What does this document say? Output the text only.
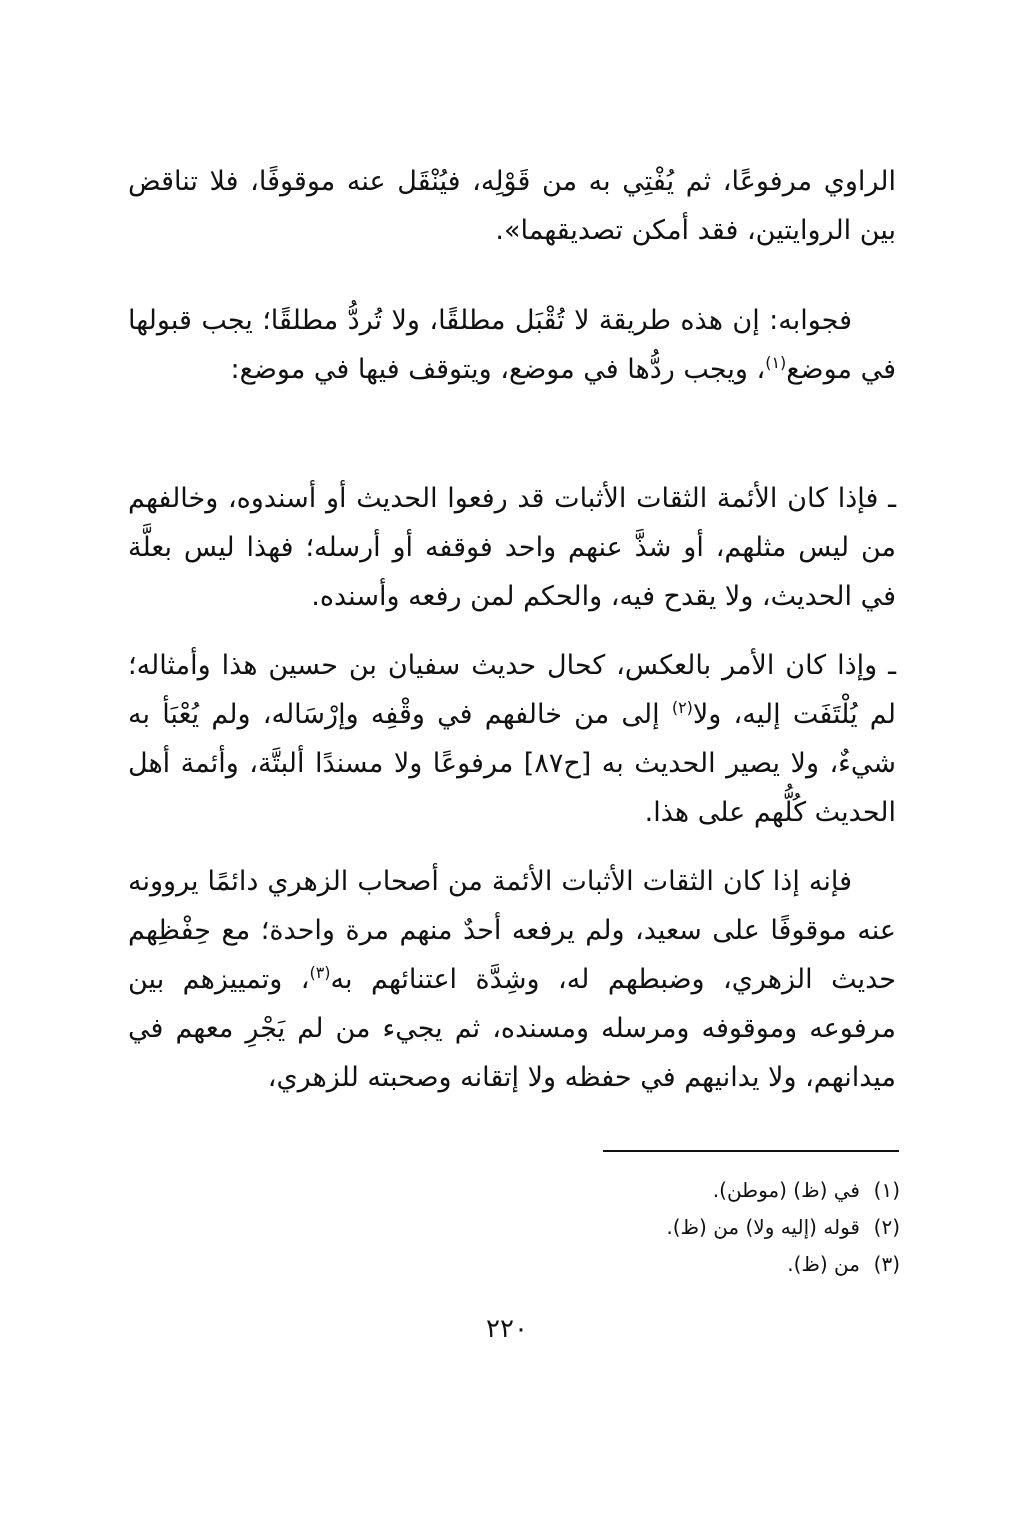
الراوي مرفوعًا، ثم يُفْتِي به من قَوْلِه، فيُنْقَل عنه موقوفًا، فلا تناقض بين الروايتين، فقد أمكن تصديقهما».

فجوابه: إن هذه طريقة لا تُقْبَل مطلقًا، ولا تُردُّ مطلقًا؛ يجب قبولها في موضع$^{(١)}$، ويجب ردُّها في موضع، ويتوقف فيها في موضع:

ـ فإذا كان الأئمة الثقات الأثبات قد رفعوا الحديث أو أسندوه، وخالفهم من ليس مثلهم، أو شذَّ عنهم واحد فوقفه أو أرسله؛ فهذا ليس بعلَّة في الحديث، ولا يقدح فيه، والحكم لمن رفعه وأسنده.

ـ وإذا كان الأمر بالعكس، كحال حديث سفيان بن حسين هذا وأمثاله؛ لم يُلْتَفَت إليه، ولا$^{(٢)}$ إلى من خالفهم في وقْفِه وإرْسَاله، ولم يُعْبَأ به شيءٌ، ولا يصير الحديث به [ح٨٧] مرفوعًا ولا مسندًا ألبتَّة، وأئمة أهل الحديث كُلُّهم على هذا.

فإنه إذا كان الثقات الأثبات الأئمة من أصحاب الزهري دائمًا يروونه عنه موقوفًا على سعيد، ولم يرفعه أحدٌ منهم مرة واحدة؛ مع حِفْظِهم حديث الزهري، وضبطهم له، وشِدَّة اعتنائهم به$^{(٣)}$، وتمييزهم بين مرفوعه وموقوفه ومرسله ومسنده، ثم يجيء من لم يَجْرِ معهم في ميدانهم، ولا يدانيهم في حفظه ولا إتقانه وصحبته للزهري،

(١)في (ظ) (موطن).
(٢)قوله (إليه ولا) من (ظ).
(٣)من (ظ).
٢٢٠
